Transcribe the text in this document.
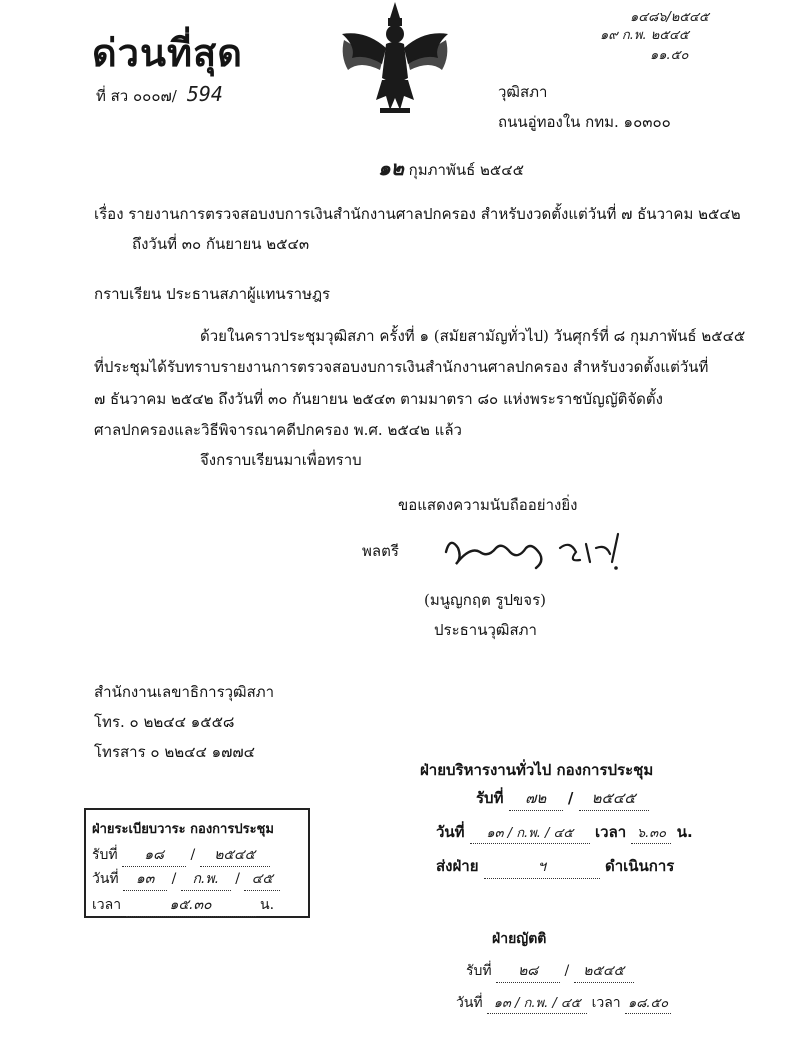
ด่วนที่สุด
ที่ สว ๐๐๐๗/ 594
๑๔๘๖/๒๕๔๕
๑๙ ก.พ. ๒๕๔๕
๑๑.๕๐
วุฒิสภา
ถนนอู่ทองใน กทม. ๑๐๓๐๐
๑๒ กุมภาพันธ์ ๒๕๔๕
เรื่อง รายงานการตรวจสอบงบการเงินสำนักงานศาลปกครอง สำหรับงวดตั้งแต่วันที่ ๗ ธันวาคม ๒๕๔๒
ถึงวันที่ ๓๐ กันยายน ๒๕๔๓
กราบเรียน ประธานสภาผู้แทนราษฎร
ด้วยในคราวประชุมวุฒิสภา ครั้งที่ ๑ (สมัยสามัญทั่วไป) วันศุกร์ที่ ๘ กุมภาพันธ์ ๒๕๔๕
ที่ประชุมได้รับทราบรายงานการตรวจสอบงบการเงินสำนักงานศาลปกครอง สำหรับงวดตั้งแต่วันที่
๗ ธันวาคม ๒๕๔๒ ถึงวันที่ ๓๐ กันยายน ๒๕๔๓ ตามมาตรา ๘๐ แห่งพระราชบัญญัติจัดตั้ง
ศาลปกครองและวิธีพิจารณาคดีปกครอง พ.ศ. ๒๕๔๒ แล้ว
จึงกราบเรียนมาเพื่อทราบ
ขอแสดงความนับถืออย่างยิ่ง
พลตรี
(มนูญกฤต รูปขจร)
ประธานวุฒิสภา
สำนักงานเลขาธิการวุฒิสภา
โทร. ๐ ๒๒๔๔ ๑๕๕๘
โทรสาร ๐ ๒๒๔๔ ๑๗๗๔
ฝ่ายระเบียบวาระ กองการประชุม
รับที่ ๑๘ / ๒๕๔๕
วันที่ ๑๓ / ก.พ. / ๔๕
เวลา	๑๕.๓๐	น.
ฝ่ายบริหารงานทั่วไป กองการประชุม
รับที่ ๗๒ / ๒๕๔๕
วันที่ ๑๓ / ก.พ. / ๔๕ เวลา ๖.๓๐ น.
ส่งฝ่าย	ฯ	ดำเนินการ
ฝ่ายญัตติ
รับที่ ๒๘ / ๒๕๔๕
วันที่ ๑๓ / ก.พ. / ๔๕ เวลา ๑๘.๕๐
